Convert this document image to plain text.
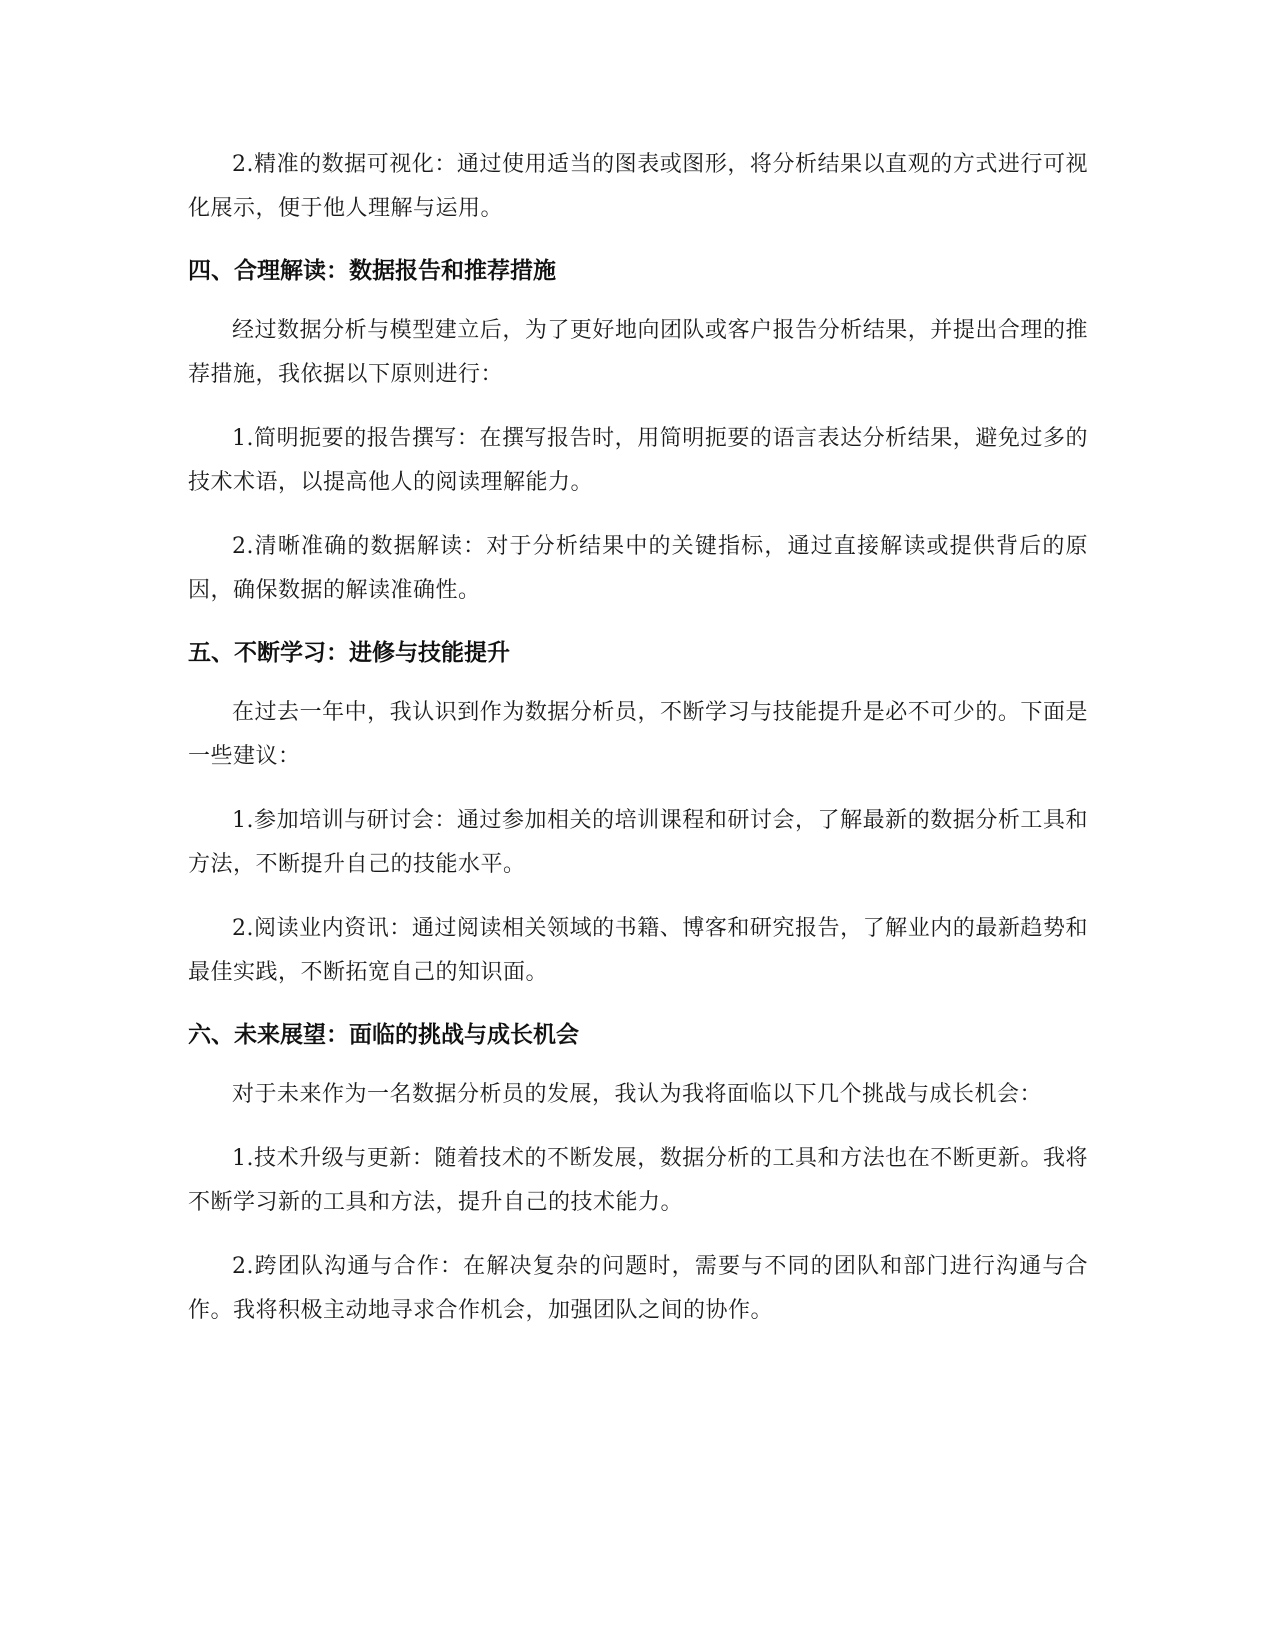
2.精准的数据可视化：通过使用适当的图表或图形，将分析结果以直观的方式进行可视化展示，便于他人理解与运用。

四、合理解读：数据报告和推荐措施

经过数据分析与模型建立后，为了更好地向团队或客户报告分析结果，并提出合理的推荐措施，我依据以下原则进行：

1.简明扼要的报告撰写：在撰写报告时，用简明扼要的语言表达分析结果，避免过多的技术术语，以提高他人的阅读理解能力。

2.清晰准确的数据解读：对于分析结果中的关键指标，通过直接解读或提供背后的原因，确保数据的解读准确性。

五、不断学习：进修与技能提升

在过去一年中，我认识到作为数据分析员，不断学习与技能提升是必不可少的。下面是一些建议：

1.参加培训与研讨会：通过参加相关的培训课程和研讨会，了解最新的数据分析工具和方法，不断提升自己的技能水平。

2.阅读业内资讯：通过阅读相关领域的书籍、博客和研究报告，了解业内的最新趋势和最佳实践，不断拓宽自己的知识面。

六、未来展望：面临的挑战与成长机会

对于未来作为一名数据分析员的发展，我认为我将面临以下几个挑战与成长机会：

1.技术升级与更新：随着技术的不断发展，数据分析的工具和方法也在不断更新。我将不断学习新的工具和方法，提升自己的技术能力。

2.跨团队沟通与合作：在解决复杂的问题时，需要与不同的团队和部门进行沟通与合作。我将积极主动地寻求合作机会，加强团队之间的协作。
